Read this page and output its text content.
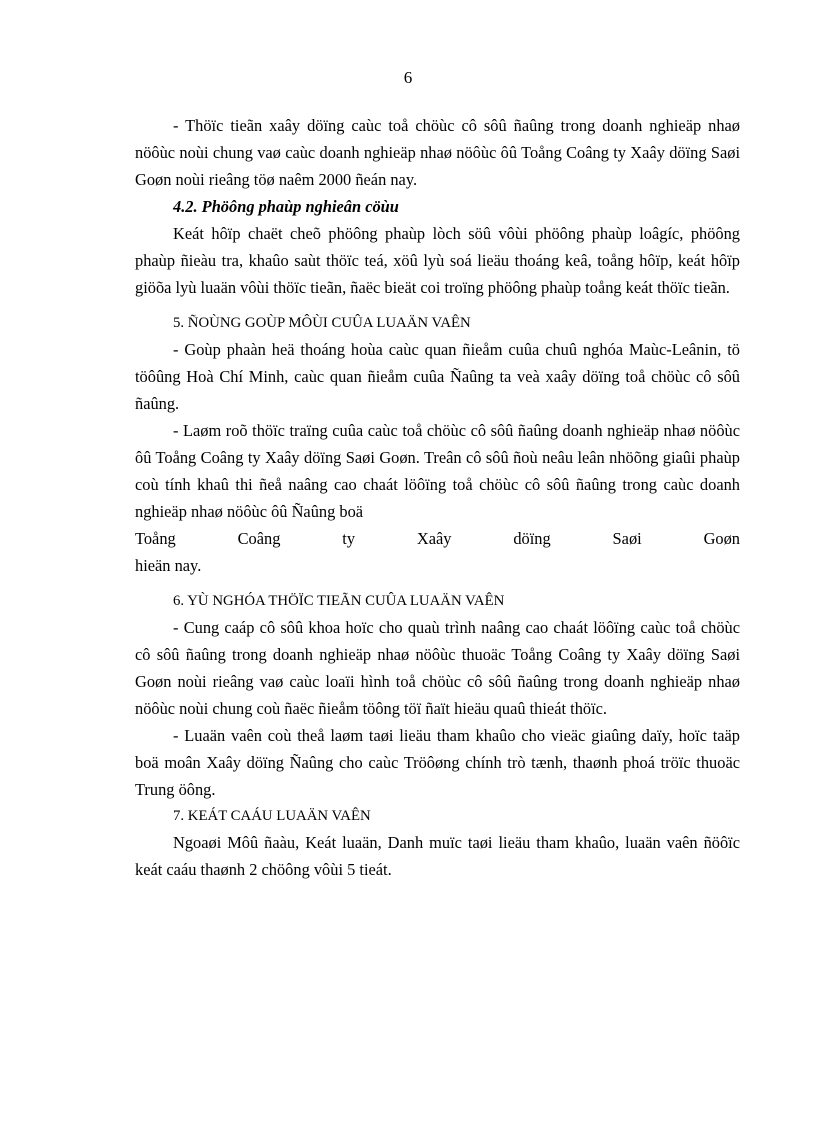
6

- Thöïc tieãn xaây döïng caùc toå chöùc cô sôû ñaûng trong doanh nghieäp nhaø nöôùc noùi chung vaø caùc doanh nghieäp nhaø nöôùc ôû Toång Coâng ty Xaây döïng Saøi Goøn noùi rieâng töø naêm 2000 ñeán nay.

4.2. Phöông phaùp nghieân cöùu

Keát hôïp chaët cheõ phöông phaùp lòch söû vôùi phöông phaùp loâgíc, phöông phaùp ñieàu tra, khaûo saùt thöïc teá, xöû lyù soá lieäu thoáng keâ, toång hôïp, keát hôïp giöõa lyù luaän vôùi thöïc tieãn, ñaëc bieät coi troïng phöông phaùp toång keát thöïc tieãn.

5. ÑOÙNG GOÙP MÔÙI CUÛA LUAÄN VAÊN

- Goùp phaàn heä thoáng hoùa caùc quan ñieåm cuûa chuû nghóa Maùc-Leânin, tö töôûng Hoà Chí Minh, caùc quan ñieåm cuûa Ñaûng ta veà xaây döïng toå chöùc cô sôû ñaûng.

- Laøm roõ thöïc traïng cuûa caùc toå chöùc cô sôû ñaûng doanh nghieäp nhaø nöôùc ôû Toång Coâng ty Xaây döïng Saøi Goøn. Treân cô sôû ñoù neâu leân nhöõng giaûi phaùp coù tính khaû thi ñeå naâng cao chaát löôïng toå chöùc cô sôû ñaûng trong caùc doanh nghieäp nhaø nöôùc ôû Ñaûng boä

Toång Coâng ty Xaây döïng Saøi Goøn

hieän nay.

6. YÙ NGHÓA THÖÏC TIEÃN CUÛA LUAÄN VAÊN

- Cung caáp cô sôû khoa hoïc cho quaù trình naâng cao chaát löôïng caùc toå chöùc cô sôû ñaûng trong doanh nghieäp nhaø nöôùc thuoäc Toång Coâng ty Xaây döïng Saøi Goøn noùi rieâng vaø caùc loaïi hình toå chöùc cô sôû ñaûng trong doanh nghieäp nhaø nöôùc noùi chung coù ñaëc ñieåm töông töï ñaït hieäu quaû thieát thöïc.

- Luaän vaên coù theå laøm taøi lieäu tham khaûo cho vieäc giaûng daïy, hoïc taäp boä moân Xaây döïng Ñaûng cho caùc Tröôøng chính trò tænh, thaønh phoá tröïc thuoäc Trung öông.

7. KEÁT CAÁU LUAÄN VAÊN

Ngoaøi Môû ñaàu, Keát luaän, Danh muïc taøi lieäu tham khaûo, luaän vaên ñöôïc keát caáu thaønh 2 chöông vôùi 5 tieát.
